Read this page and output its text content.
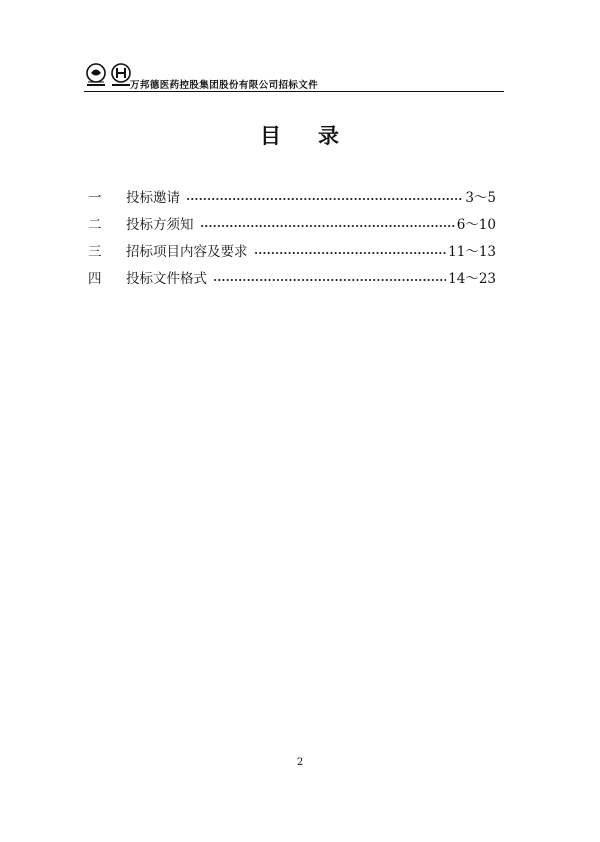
万邦德医药控股集团股份有限公司招标文件
目 录
一	投标邀请	3～5
二	投标方须知	6～10
三	招标项目内容及要求	11～13
四	投标文件格式	14～23
2
